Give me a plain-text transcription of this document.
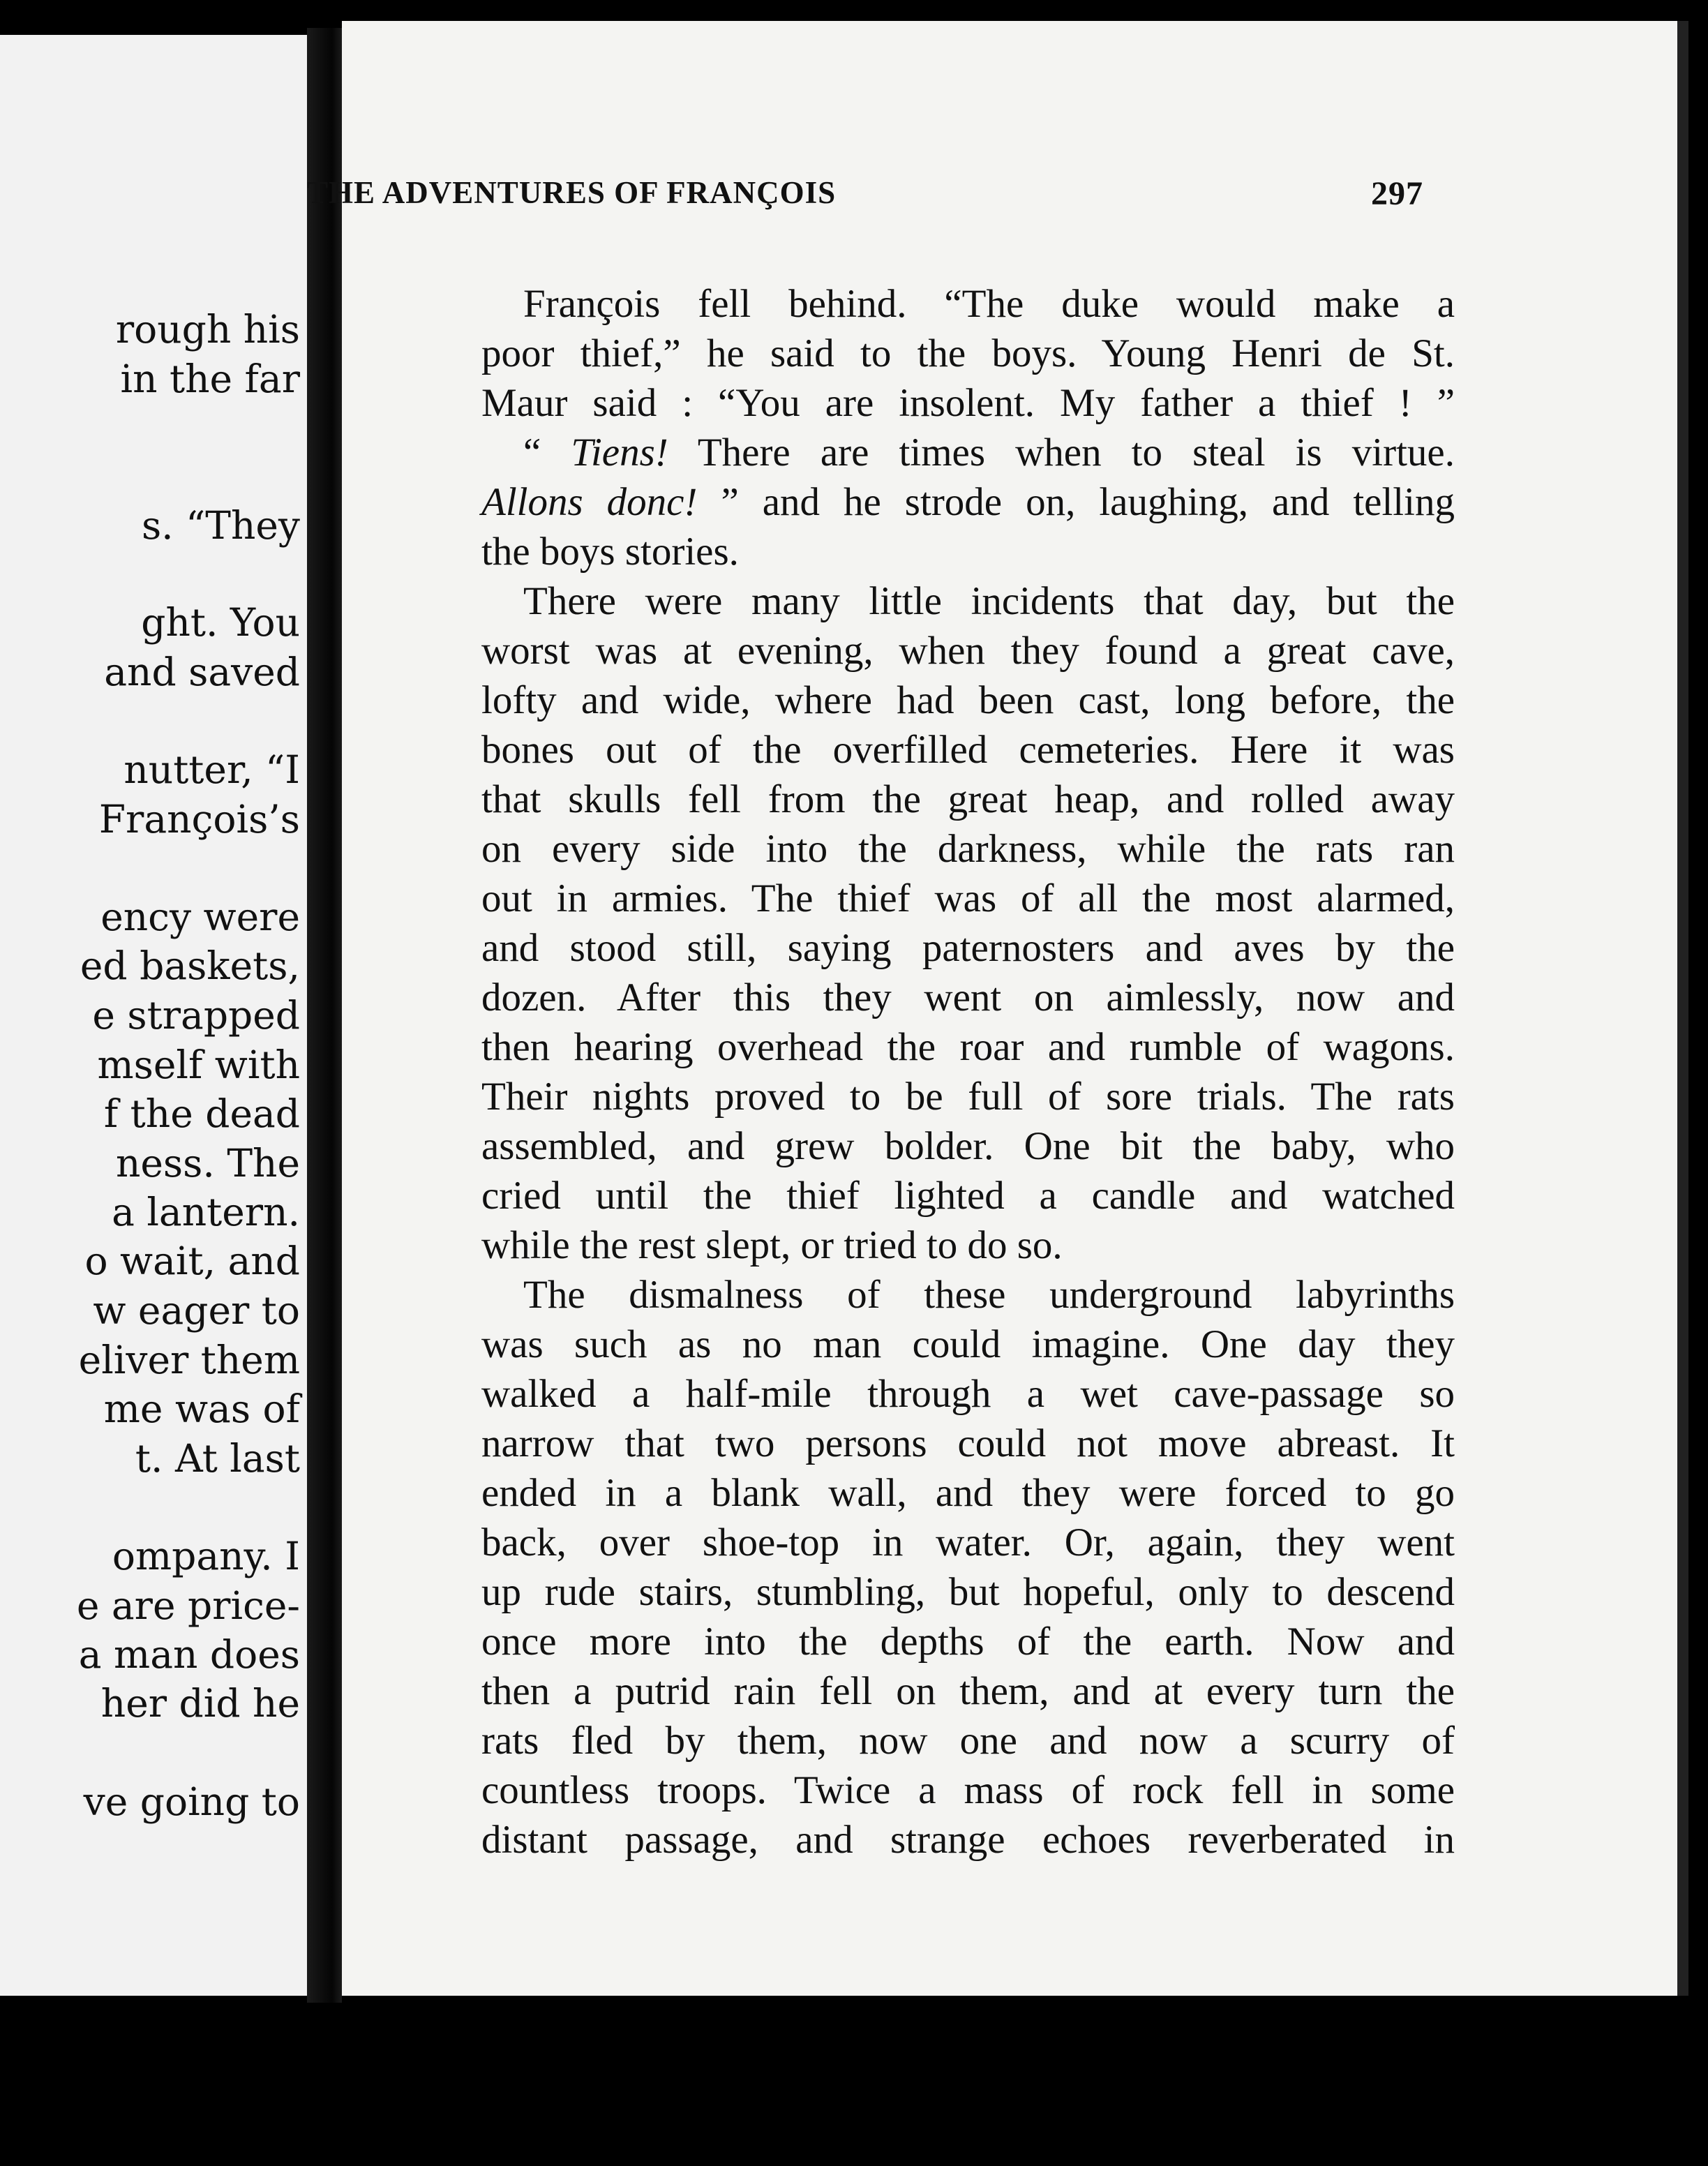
rough his
in the far
s. “They
ght. You
and saved
nutter, “I
François’s
ency were
ed baskets,
e strapped
mself with
f the dead
ness. The
a lantern.
o wait, and
w eager to
eliver them
me was of
t. At last
ompany. I
e are price-
a man does
her did he
ve going to
THE ADVENTURES OF FRANÇOIS	297
François fell behind. “The duke would make a
poor thief,” he said to the boys. Young Henri de St.
Maur said : “You are insolent. My father a thief ! ”
“ Tiens! There are times when to steal is virtue.
Allons donc! ” and he strode on, laughing, and telling
the boys stories.
There were many little incidents that day, but the
worst was at evening, when they found a great cave,
lofty and wide, where had been cast, long before, the
bones out of the overfilled cemeteries. Here it was
that skulls fell from the great heap, and rolled away
on every side into the darkness, while the rats ran
out in armies. The thief was of all the most alarmed,
and stood still, saying paternosters and aves by the
dozen. After this they went on aimlessly, now and
then hearing overhead the roar and rumble of wagons.
Their nights proved to be full of sore trials. The rats
assembled, and grew bolder. One bit the baby, who
cried until the thief lighted a candle and watched
while the rest slept, or tried to do so.
The dismalness of these underground labyrinths
was such as no man could imagine. One day they
walked a half-mile through a wet cave-passage so
narrow that two persons could not move abreast. It
ended in a blank wall, and they were forced to go
back, over shoe-top in water. Or, again, they went
up rude stairs, stumbling, but hopeful, only to descend
once more into the depths of the earth. Now and
then a putrid rain fell on them, and at every turn the
rats fled by them, now one and now a scurry of
countless troops. Twice a mass of rock fell in some
distant passage, and strange echoes reverberated in
